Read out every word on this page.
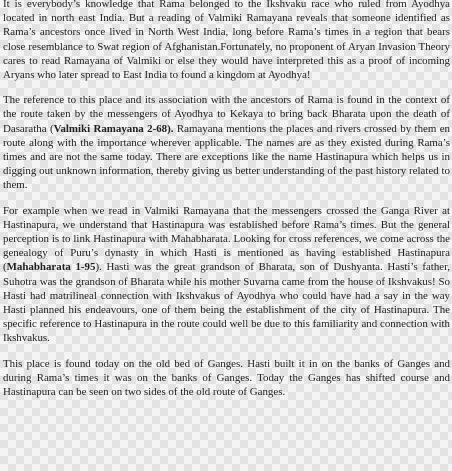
It is everybody’s knowledge that Rama belonged to the Ikshvaku race who ruled from Ayodhya located in north east India. But a reading of Valmiki Ramayana reveals that someone identified as Rama’s ancestors once lived in North West India, long before Rama’s times in a region that bears close resemblance to Swat region of Afghanistan.Fortunately, no proponent of Aryan Invasion Theory cares to read Ramayana of Valmiki or else they would have interpreted this as a proof of incoming Aryans who later spread to East India to found a kingdom at Ayodhya!

The reference to this place and its association with the ancestors of Rama is found in the context of the route taken by the messengers of Ayodhya to Kekaya to bring back Bharata upon the death of Dasaratha (Valmiki Ramayana 2-68). Ramayana mentions the places and rivers crossed by them en route along with the importance wherever applicable. The names are as they existed during Rama’s times and are not the same today. There are exceptions like the name Hastinapura which helps us in digging out unknown information, thereby giving us better understanding of the past history related to them.

For example when we read in Valmiki Ramayana that the messengers crossed the Ganga River at Hastinapura, we understand that Hastinapura was established before Rama’s times. But the general perception is to link Hastinapura with Mahabharata. Looking for cross references, we come across the genealogy of Puru’s dynasty in which Hasti is mentioned as having established Hastinapura (Mahabharata 1-95). Hasti was the great grandson of Bharata, son of Dushyanta. Hasti’s father, Suhotra was the grandson of Bharata while his mother Suvarna came from the house of Ikshvakus! So Hasti had matrilineal connection with Ikshvakus of Ayodhya who could have had a say in the way Hasti planned his endeavours, one of them being the establishment of the city of Hastinapura. The specific reference to Hastinapura in the route could well be due to this familiarity and connection with Ikshvakus.

This place is found today on the old bed of Ganges. Hasti built it in on the banks of Ganges and during Rama’s times it was on the banks of Ganges. Today the Ganges has shifted course and Hastinapura can be seen on two sides of the old route of Ganges.
